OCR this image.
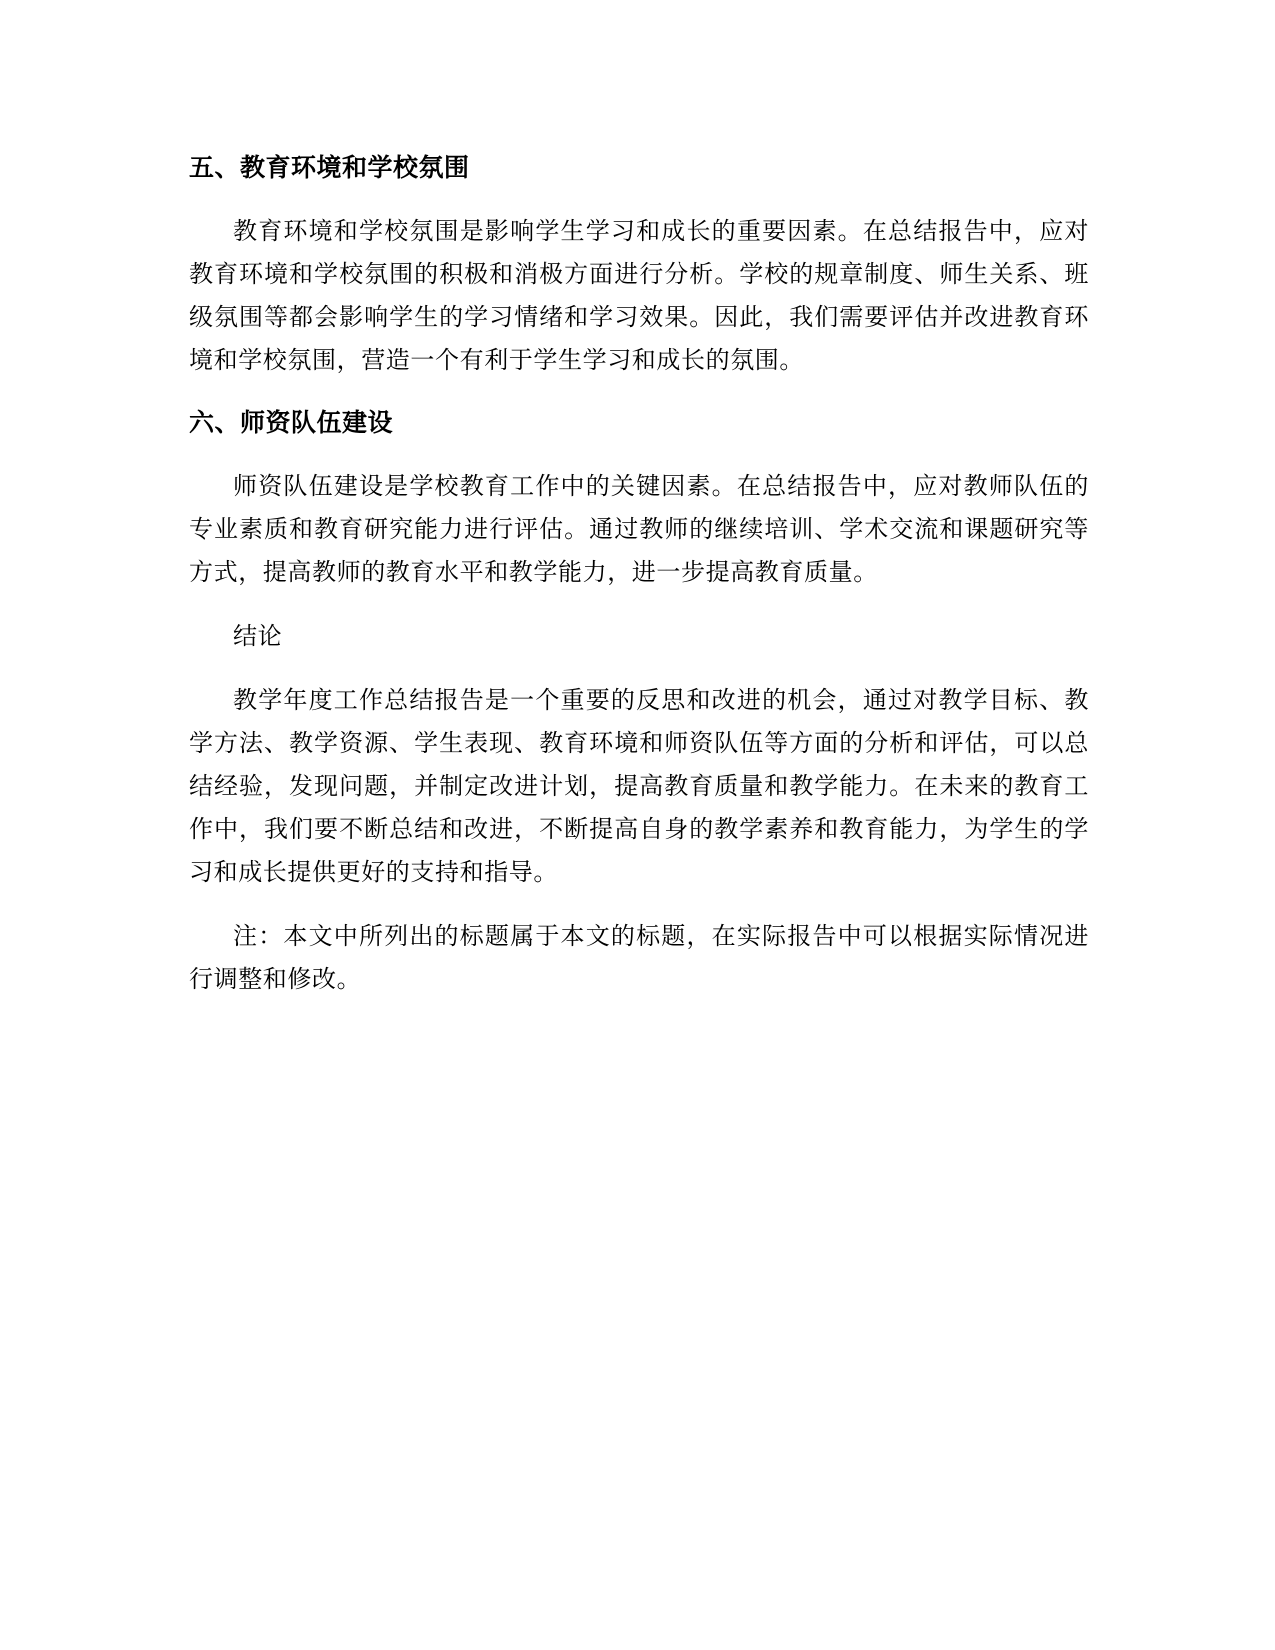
五、教育环境和学校氛围

教育环境和学校氛围是影响学生学习和成长的重要因素。在总结报告中，应对教育环境和学校氛围的积极和消极方面进行分析。学校的规章制度、师生关系、班级氛围等都会影响学生的学习情绪和学习效果。因此，我们需要评估并改进教育环境和学校氛围，营造一个有利于学生学习和成长的氛围。

六、师资队伍建设

师资队伍建设是学校教育工作中的关键因素。在总结报告中，应对教师队伍的专业素质和教育研究能力进行评估。通过教师的继续培训、学术交流和课题研究等方式，提高教师的教育水平和教学能力，进一步提高教育质量。

结论

教学年度工作总结报告是一个重要的反思和改进的机会，通过对教学目标、教学方法、教学资源、学生表现、教育环境和师资队伍等方面的分析和评估，可以总结经验，发现问题，并制定改进计划，提高教育质量和教学能力。在未来的教育工作中，我们要不断总结和改进，不断提高自身的教学素养和教育能力，为学生的学习和成长提供更好的支持和指导。

注：本文中所列出的标题属于本文的标题，在实际报告中可以根据实际情况进行调整和修改。
